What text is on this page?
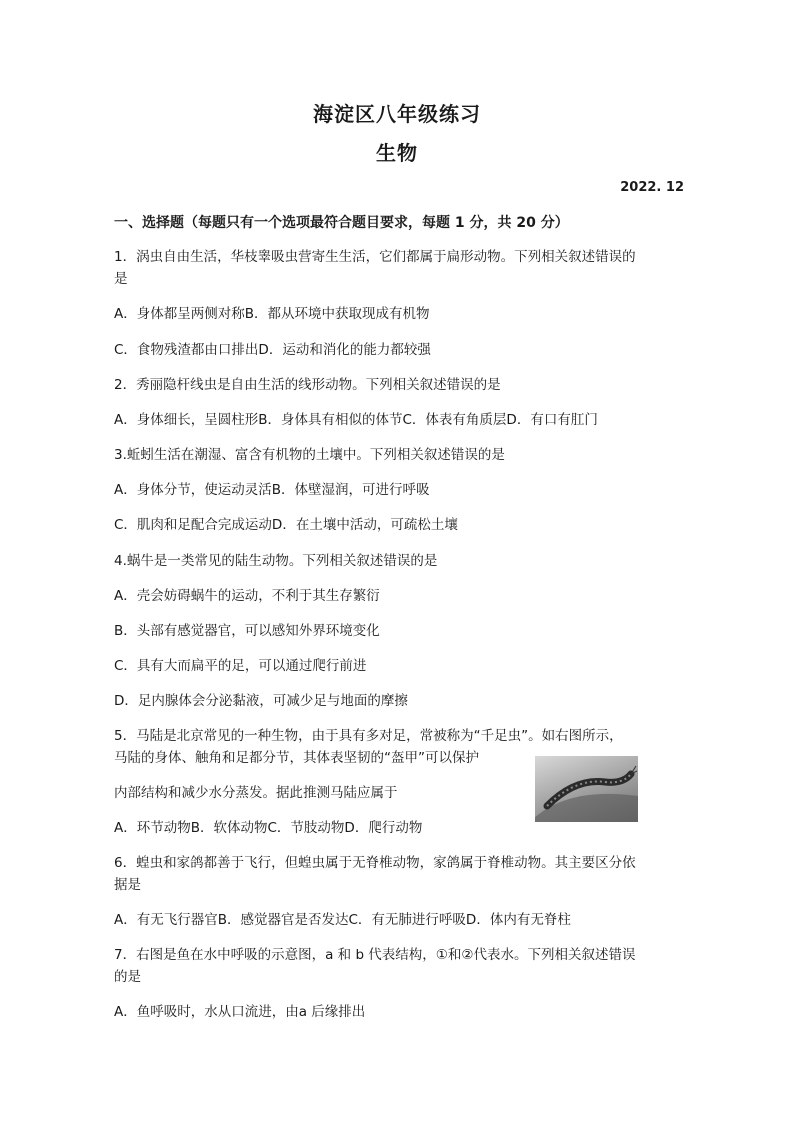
海淀区八年级练习
生物
2022. 12
一、选择题（每题只有一个选项最符合题目要求，每题 1 分，共 20 分）
1．涡虫自由生活，华枝睾吸虫营寄生生活，它们都属于扁形动物。下列相关叙述错误的
是
A．身体都呈两侧对称B．都从环境中获取现成有机物
C．食物残渣都由口排出D．运动和消化的能力都较强
2．秀丽隐杆线虫是自由生活的线形动物。下列相关叙述错误的是
A．身体细长，呈圆柱形B．身体具有相似的体节C．体表有角质层D．有口有肛门
3.蚯蚓生活在潮湿、富含有机物的土壤中。下列相关叙述错误的是
A．身体分节，使运动灵活B．体壁湿润，可进行呼吸
C．肌肉和足配合完成运动D．在土壤中活动，可疏松土壤
4.蜗牛是一类常见的陆生动物。下列相关叙述错误的是
A．壳会妨碍蜗牛的运动，不利于其生存繁衍
B．头部有感觉器官，可以感知外界环境变化
C．具有大而扁平的足，可以通过爬行前进
D．足内腺体会分泌黏液，可减少足与地面的摩擦
5．马陆是北京常见的一种生物，由于具有多对足，常被称为“千足虫”。如右图所示，
马陆的身体、触角和足都分节，其体表坚韧的“盔甲”可以保护
内部结构和减少水分蒸发。据此推测马陆应属于
A．环节动物B．软体动物C．节肢动物D．爬行动物
6．蝗虫和家鸽都善于飞行，但蝗虫属于无脊椎动物，家鸽属于脊椎动物。其主要区分依
据是
A．有无飞行器官B．感觉器官是否发达C．有无肺进行呼吸D．体内有无脊柱
7．右图是鱼在水中呼吸的示意图，a 和 b 代表结构，①和②代表水。下列相关叙述错误
的是
A．鱼呼吸时，水从口流进，由a 后缘排出
